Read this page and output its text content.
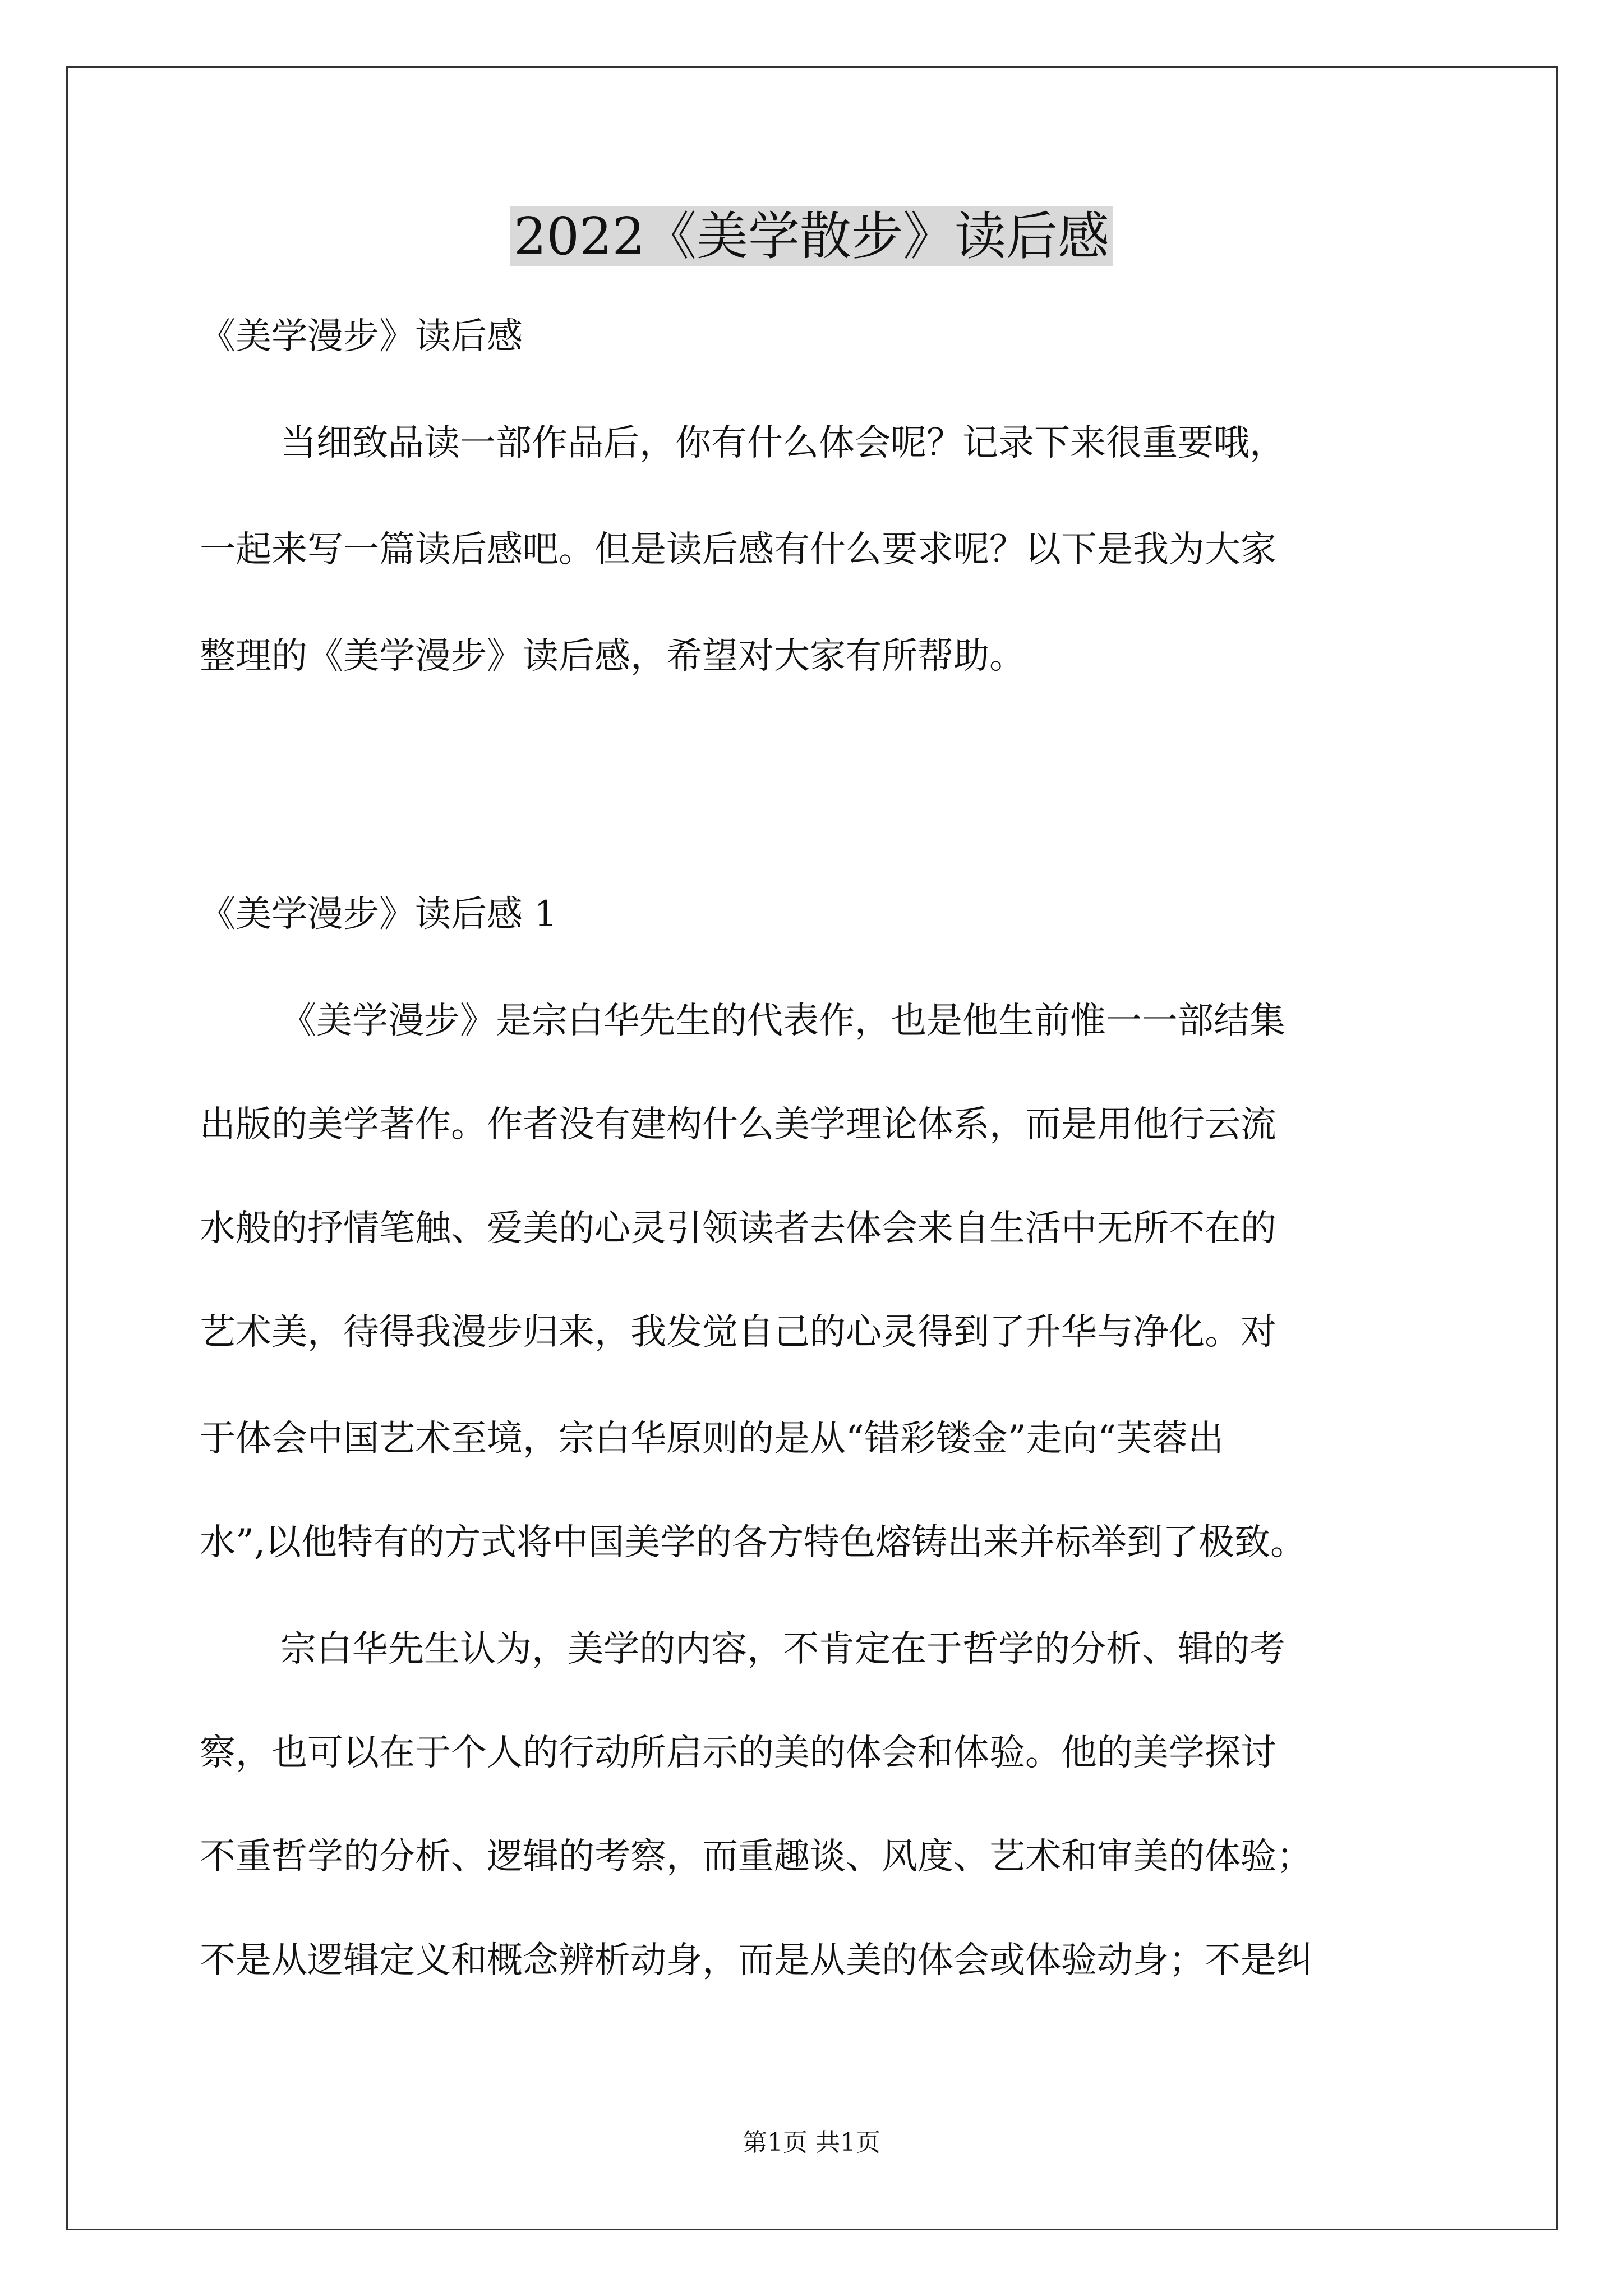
2022《美学散步》读后感

《美学漫步》读后感

当细致品读一部作品后，你有什么体会呢？记录下来很重要哦，

一起来写一篇读后感吧。但是读后感有什么要求呢？以下是我为大家

整理的《美学漫步》读后感，希望对大家有所帮助。

《美学漫步》读后感 1

《美学漫步》是宗白华先生的代表作，也是他生前惟一一部结集

出版的美学著作。作者没有建构什么美学理论体系，而是用他行云流

水般的抒情笔触、爱美的心灵引领读者去体会来自生活中无所不在的

艺术美，待得我漫步归来，我发觉自己的心灵得到了升华与净化。对

于体会中国艺术至境，宗白华原则的是从“错彩镂金”走向“芙蓉出

水”,以他特有的方式将中国美学的各方特色熔铸出来并标举到了极致。

宗白华先生认为，美学的内容，不肯定在于哲学的分析、辑的考

察，也可以在于个人的行动所启示的美的体会和体验。他的美学探讨

不重哲学的分析、逻辑的考察，而重趣谈、风度、艺术和审美的体验；

不是从逻辑定义和概念辨析动身，而是从美的体会或体验动身；不是纠

第1页 共1页
